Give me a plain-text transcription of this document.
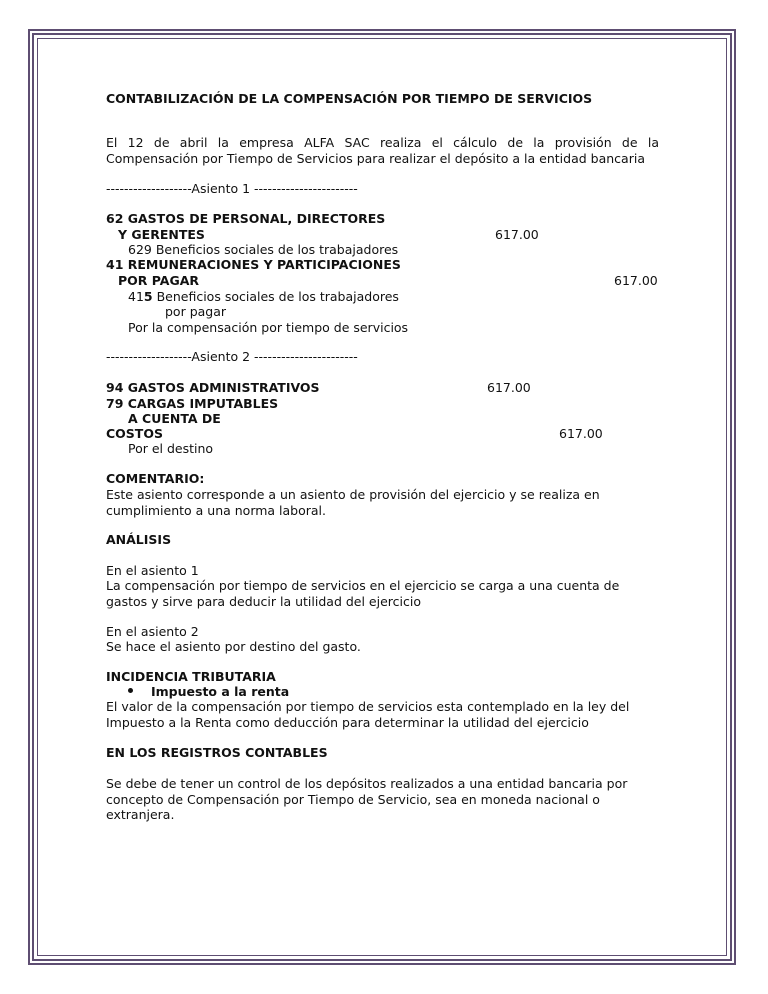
CONTABILIZACIÓN DE LA COMPENSACIÓN POR TIEMPO DE SERVICIOS
El 12 de abril la empresa ALFA SAC realiza el cálculo de la provisión de la
Compensación por Tiempo de Servicios para realizar el depósito a la entidad bancaria
-------------------Asiento 1 -----------------------
62 GASTOS DE PERSONAL, DIRECTORES
Y GERENTES	617.00
629 Beneficios sociales de los trabajadores
41 REMUNERACIONES Y PARTICIPACIONES
POR PAGAR	617.00
415 Beneficios sociales de los trabajadores
por pagar
Por la compensación por tiempo de servicios
-------------------Asiento 2 -----------------------
94 GASTOS ADMINISTRATIVOS	617.00
79 CARGAS IMPUTABLES
A CUENTA DE
COSTOS	617.00
Por el destino
COMENTARIO:
Este asiento corresponde a un asiento de provisión del ejercicio y se realiza en
cumplimiento a una norma laboral.
ANÁLISIS
En el asiento 1
La compensación por tiempo de servicios en el ejercicio se carga a una cuenta de
gastos y sirve para deducir la utilidad del ejercicio
En el asiento 2
Se hace el asiento por destino del gasto.
INCIDENCIA TRIBUTARIA
Impuesto a la renta
El valor de la compensación por tiempo de servicios esta contemplado en la ley del
Impuesto a la Renta como deducción para determinar la utilidad del ejercicio
EN LOS REGISTROS CONTABLES
Se debe de tener un control de los depósitos realizados a una entidad bancaria por
concepto de Compensación por Tiempo de Servicio, sea en moneda nacional o
extranjera.
